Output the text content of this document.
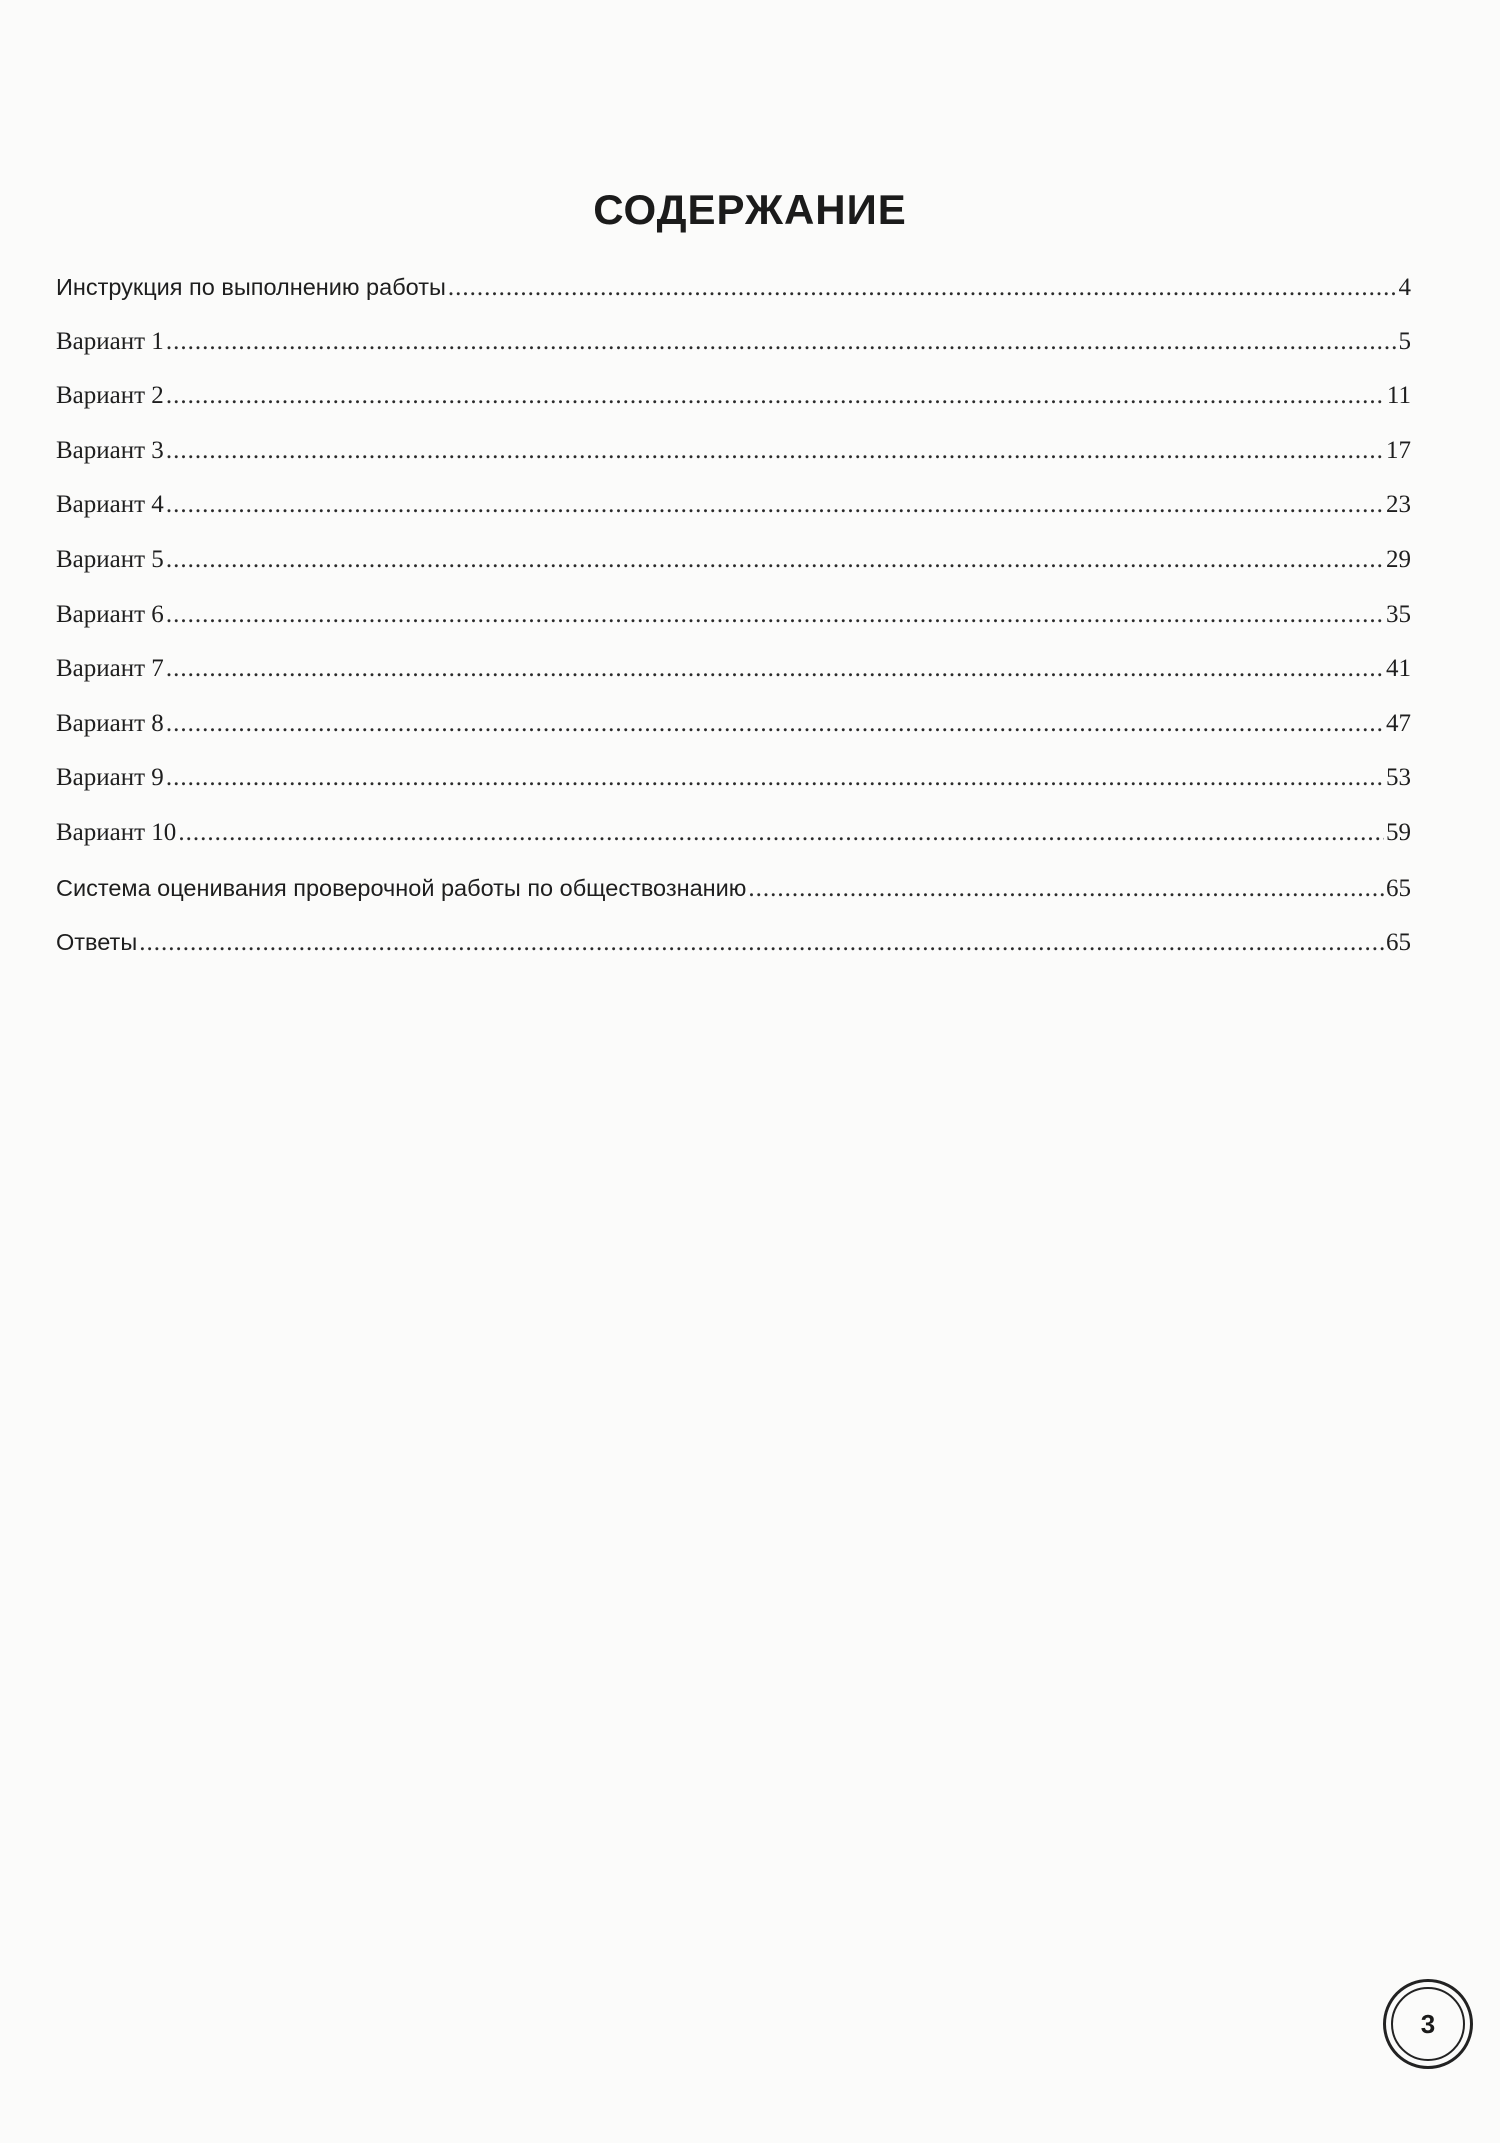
СОДЕРЖАНИЕ
Инструкция по выполнению работы .....	4
Вариант 1 .....	5
Вариант 2 .....	11
Вариант 3 .....	17
Вариант 4 .....	23
Вариант 5 .....	29
Вариант 6 .....	35
Вариант 7 .....	41
Вариант 8 .....	47
Вариант 9 .....	53
Вариант 10 .....	59
Система оценивания проверочной работы по обществознанию .....	65
Ответы .....	65
3
